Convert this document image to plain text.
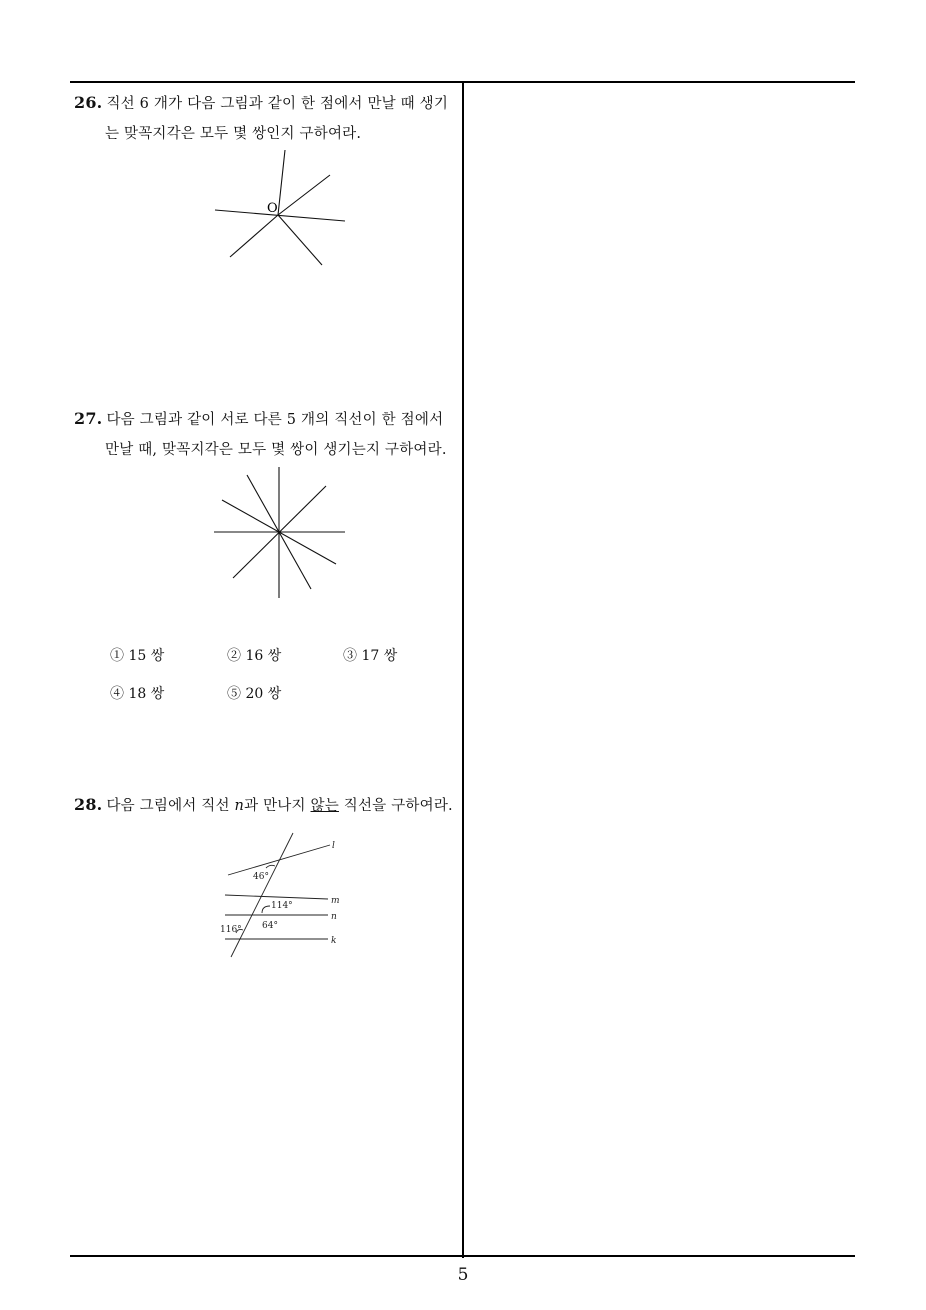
26. 직선 6 개가 다음 그림과 같이 한 점에서 만날 때 생기
는 맞꼭지각은 모두 몇 쌍인지 구하여라.
O
27. 다음 그림과 같이 서로 다른 5 개의 직선이 한 점에서
만날 때, 맞꼭지각은 모두 몇 쌍이 생기는지 구하여라.
① 15 쌍	② 16 쌍	③ 17 쌍
④ 18 쌍	⑤ 20 쌍
28. 다음 그림에서 직선 n과 만나지 않는 직선을 구하여라.
l
m
n
k
46°
114°
64°
116°
5
